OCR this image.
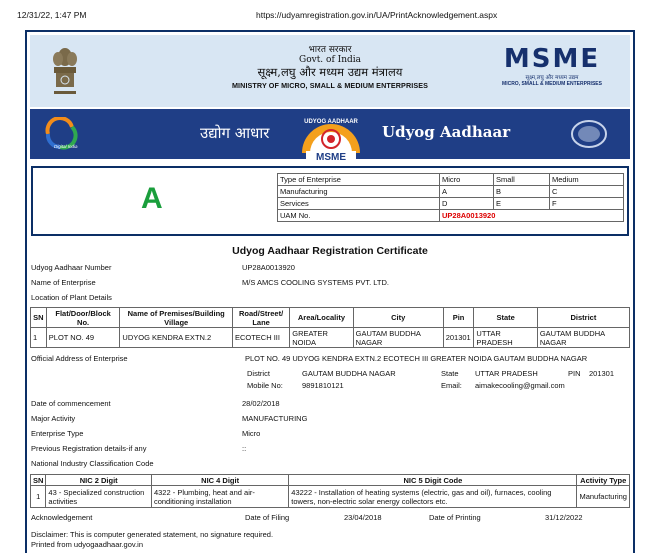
12/31/22, 1:47 PM	https://udyamregistration.gov.in/UA/PrintAcknowledgement.aspx
भारत सरकार
Govt. of India
सूक्ष्म,लघु और मध्यम उद्यम मंत्रालय
MINISTRY OF MICRO, SMALL & MEDIUM ENTERPRISES
MSME
सूक्ष्म,लघु और मध्यम उद्यम
MICRO, SMALL & MEDIUM ENTERPRISES
Digital India
उद्योग आधार
UDYOG AADHAAR
MSME
Udyog Aadhaar
A
Type of Enterprise	Micro	Small	Medium
Manufacturing	A	B	C
Services	D	E	F
UAM No.	UP28A0013920		
Udyog Aadhaar Registration Certificate
Udyog Aadhaar Number	UP28A0013920
Name of Enterprise	M/S AMCS COOLING SYSTEMS PVT. LTD.
Location of Plant Details
SN	Flat/Door/Block No.	Name of Premises/Building Village	Road/Street/ Lane	Area/Locality	City	Pin	State	District
1	PLOT NO. 49	UDYOG KENDRA EXTN.2	ECOTECH III	GREATER NOIDA	GAUTAM BUDDHA NAGAR	201301	UTTAR PRADESH	GAUTAM BUDDHA NAGAR
Official Address of Enterprise	PLOT NO. 49 UDYOG KENDRA EXTN.2 ECOTECH III GREATER NOIDA GAUTAM BUDDHA NAGAR
District	GAUTAM BUDDHA NAGAR	State UTTAR PRADESH	PIN 201301
Mobile No:	9891810121	Email: aimakecooling@gmail.com
Date of commencement	28/02/2018
Major Activity	MANUFACTURING
Enterprise Type	Micro
Previous Registration details-if any	::
National Industry Classification Code
SN	NIC 2 Digit	NIC 4 Digit	NIC 5 Digit Code	Activity Type
1	43 - Specialized construction activities	4322 - Plumbing, heat and air-conditioning installation	43222 - Installation of heating systems (electric, gas and oil), furnaces, cooling towers, non-electric solar energy collectors etc.	Manufacturing
Acknowledgement	Date of Filing	23/04/2018	Date of Printing	31/12/2022
Disclaimer: This is computer generated statement, no signature required.
Printed from udyogaadhaar.gov.in
